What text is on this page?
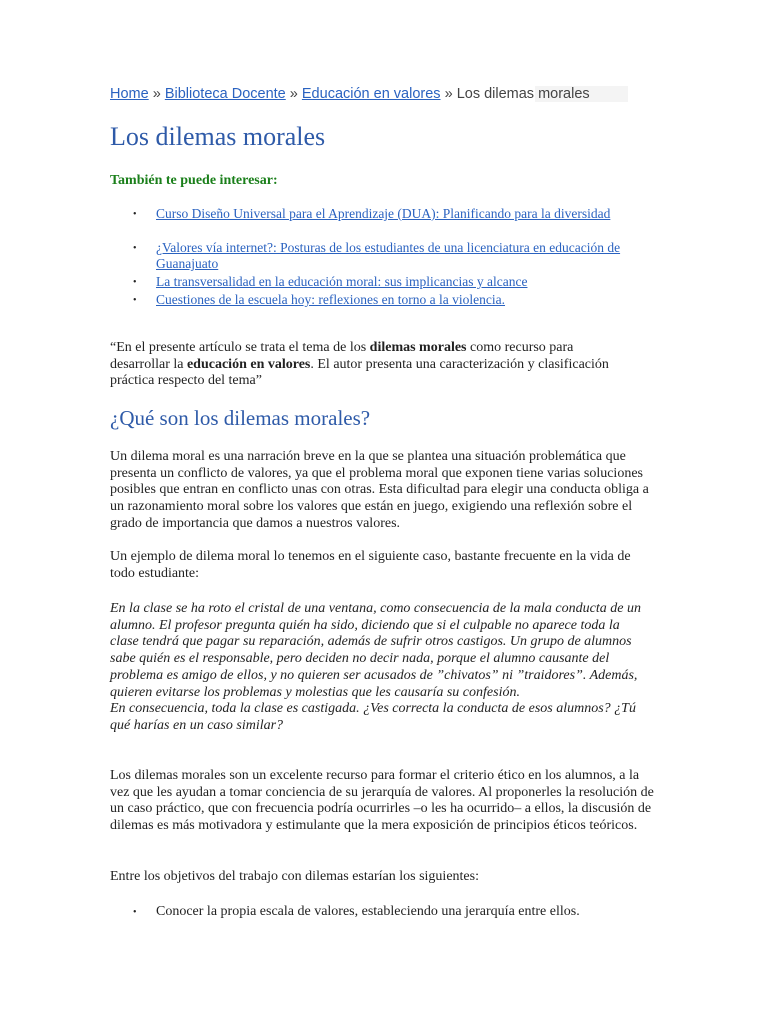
Home » Biblioteca Docente » Educación en valores » Los dilemas morales
Los dilemas morales

También te puede interesar:

• Curso Diseño Universal para el Aprendizaje (DUA): Planificando para la diversidad
• ¿Valores vía internet?: Posturas de los estudiantes de una licenciatura en educación de Guanajuato
• La transversalidad en la educación moral: sus implicancias y alcance
• Cuestiones de la escuela hoy: reflexiones en torno a la violencia.

“En el presente artículo se trata el tema de los dilemas morales como recurso para desarrollar la educación en valores. El autor presenta una caracterización y clasificación práctica respecto del tema”

¿Qué son los dilemas morales?

Un dilema moral es una narración breve en la que se plantea una situación problemática que presenta un conflicto de valores, ya que el problema moral que exponen tiene varias soluciones posibles que entran en conflicto unas con otras. Esta dificultad para elegir una conducta obliga a un razonamiento moral sobre los valores que están en juego, exigiendo una reflexión sobre el grado de importancia que damos a nuestros valores.

Un ejemplo de dilema moral lo tenemos en el siguiente caso, bastante frecuente en la vida de todo estudiante:

En la clase se ha roto el cristal de una ventana, como consecuencia de la mala conducta de un alumno. El profesor pregunta quién ha sido, diciendo que si el culpable no aparece toda la clase tendrá que pagar su reparación, además de sufrir otros castigos. Un grupo de alumnos sabe quién es el responsable, pero deciden no decir nada, porque el alumno causante del problema es amigo de ellos, y no quieren ser acusados de ”chivatos” ni ”traidores”. Además, quieren evitarse los problemas y molestias que les causaría su confesión.

En consecuencia, toda la clase es castigada. ¿Ves correcta la conducta de esos alumnos? ¿Tú qué harías en un caso similar?

Los dilemas morales son un excelente recurso para formar el criterio ético en los alumnos, a la vez que les ayudan a tomar conciencia de su jerarquía de valores. Al proponerles la resolución de un caso práctico, que con frecuencia podría ocurrirles –o les ha ocurrido– a ellos, la discusión de dilemas es más motivadora y estimulante que la mera exposición de principios éticos teóricos.

Entre los objetivos del trabajo con dilemas estarían los siguientes:

• Conocer la propia escala de valores, estableciendo una jerarquía entre ellos.
